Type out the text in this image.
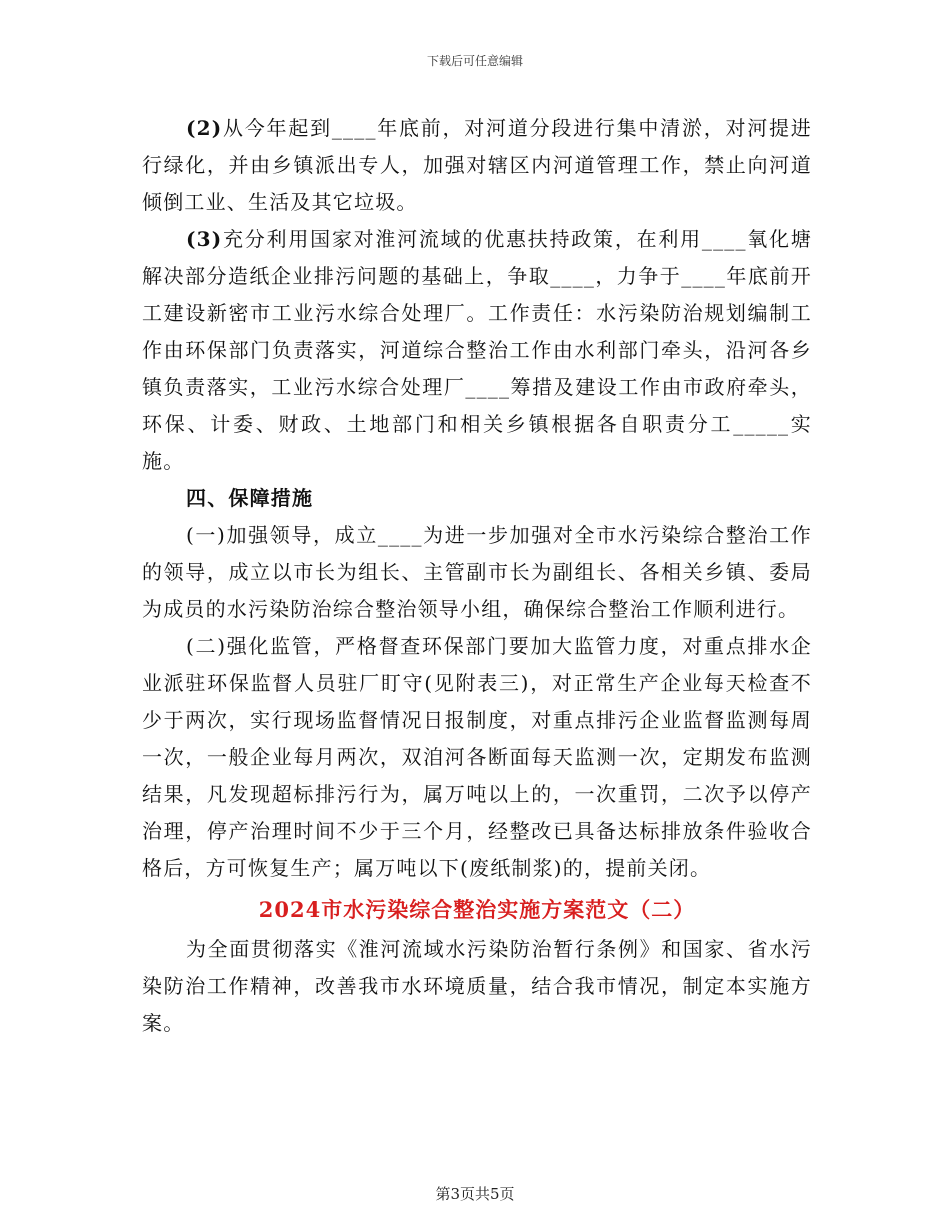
下载后可任意编辑

(2)从今年起到____年底前，对河道分段进行集中清淤，对河提进行绿化，并由乡镇派出专人，加强对辖区内河道管理工作，禁止向河道倾倒工业、生活及其它垃圾。

(3)充分利用国家对淮河流域的优惠扶持政策，在利用____氧化塘解决部分造纸企业排污问题的基础上，争取____，力争于____年底前开工建设新密市工业污水综合处理厂。工作责任：水污染防治规划编制工作由环保部门负责落实，河道综合整治工作由水利部门牵头，沿河各乡镇负责落实，工业污水综合处理厂____筹措及建设工作由市政府牵头，环保、计委、财政、土地部门和相关乡镇根据各自职责分工_____实施。

四、保障措施

(一)加强领导，成立____为进一步加强对全市水污染综合整治工作的领导，成立以市长为组长、主管副市长为副组长、各相关乡镇、委局为成员的水污染防治综合整治领导小组，确保综合整治工作顺利进行。

(二)强化监管，严格督查环保部门要加大监管力度，对重点排水企业派驻环保监督人员驻厂盯守(见附表三)，对正常生产企业每天检查不少于两次，实行现场监督情况日报制度，对重点排污企业监督监测每周一次，一般企业每月两次，双洎河各断面每天监测一次，定期发布监测结果，凡发现超标排污行为，属万吨以上的，一次重罚，二次予以停产治理，停产治理时间不少于三个月，经整改已具备达标排放条件验收合格后，方可恢复生产；属万吨以下(废纸制浆)的，提前关闭。

2024市水污染综合整治实施方案范文（二）

为全面贯彻落实《淮河流域水污染防治暂行条例》和国家、省水污染防治工作精神，改善我市水环境质量，结合我市情况，制定本实施方案。

第3页共5页
